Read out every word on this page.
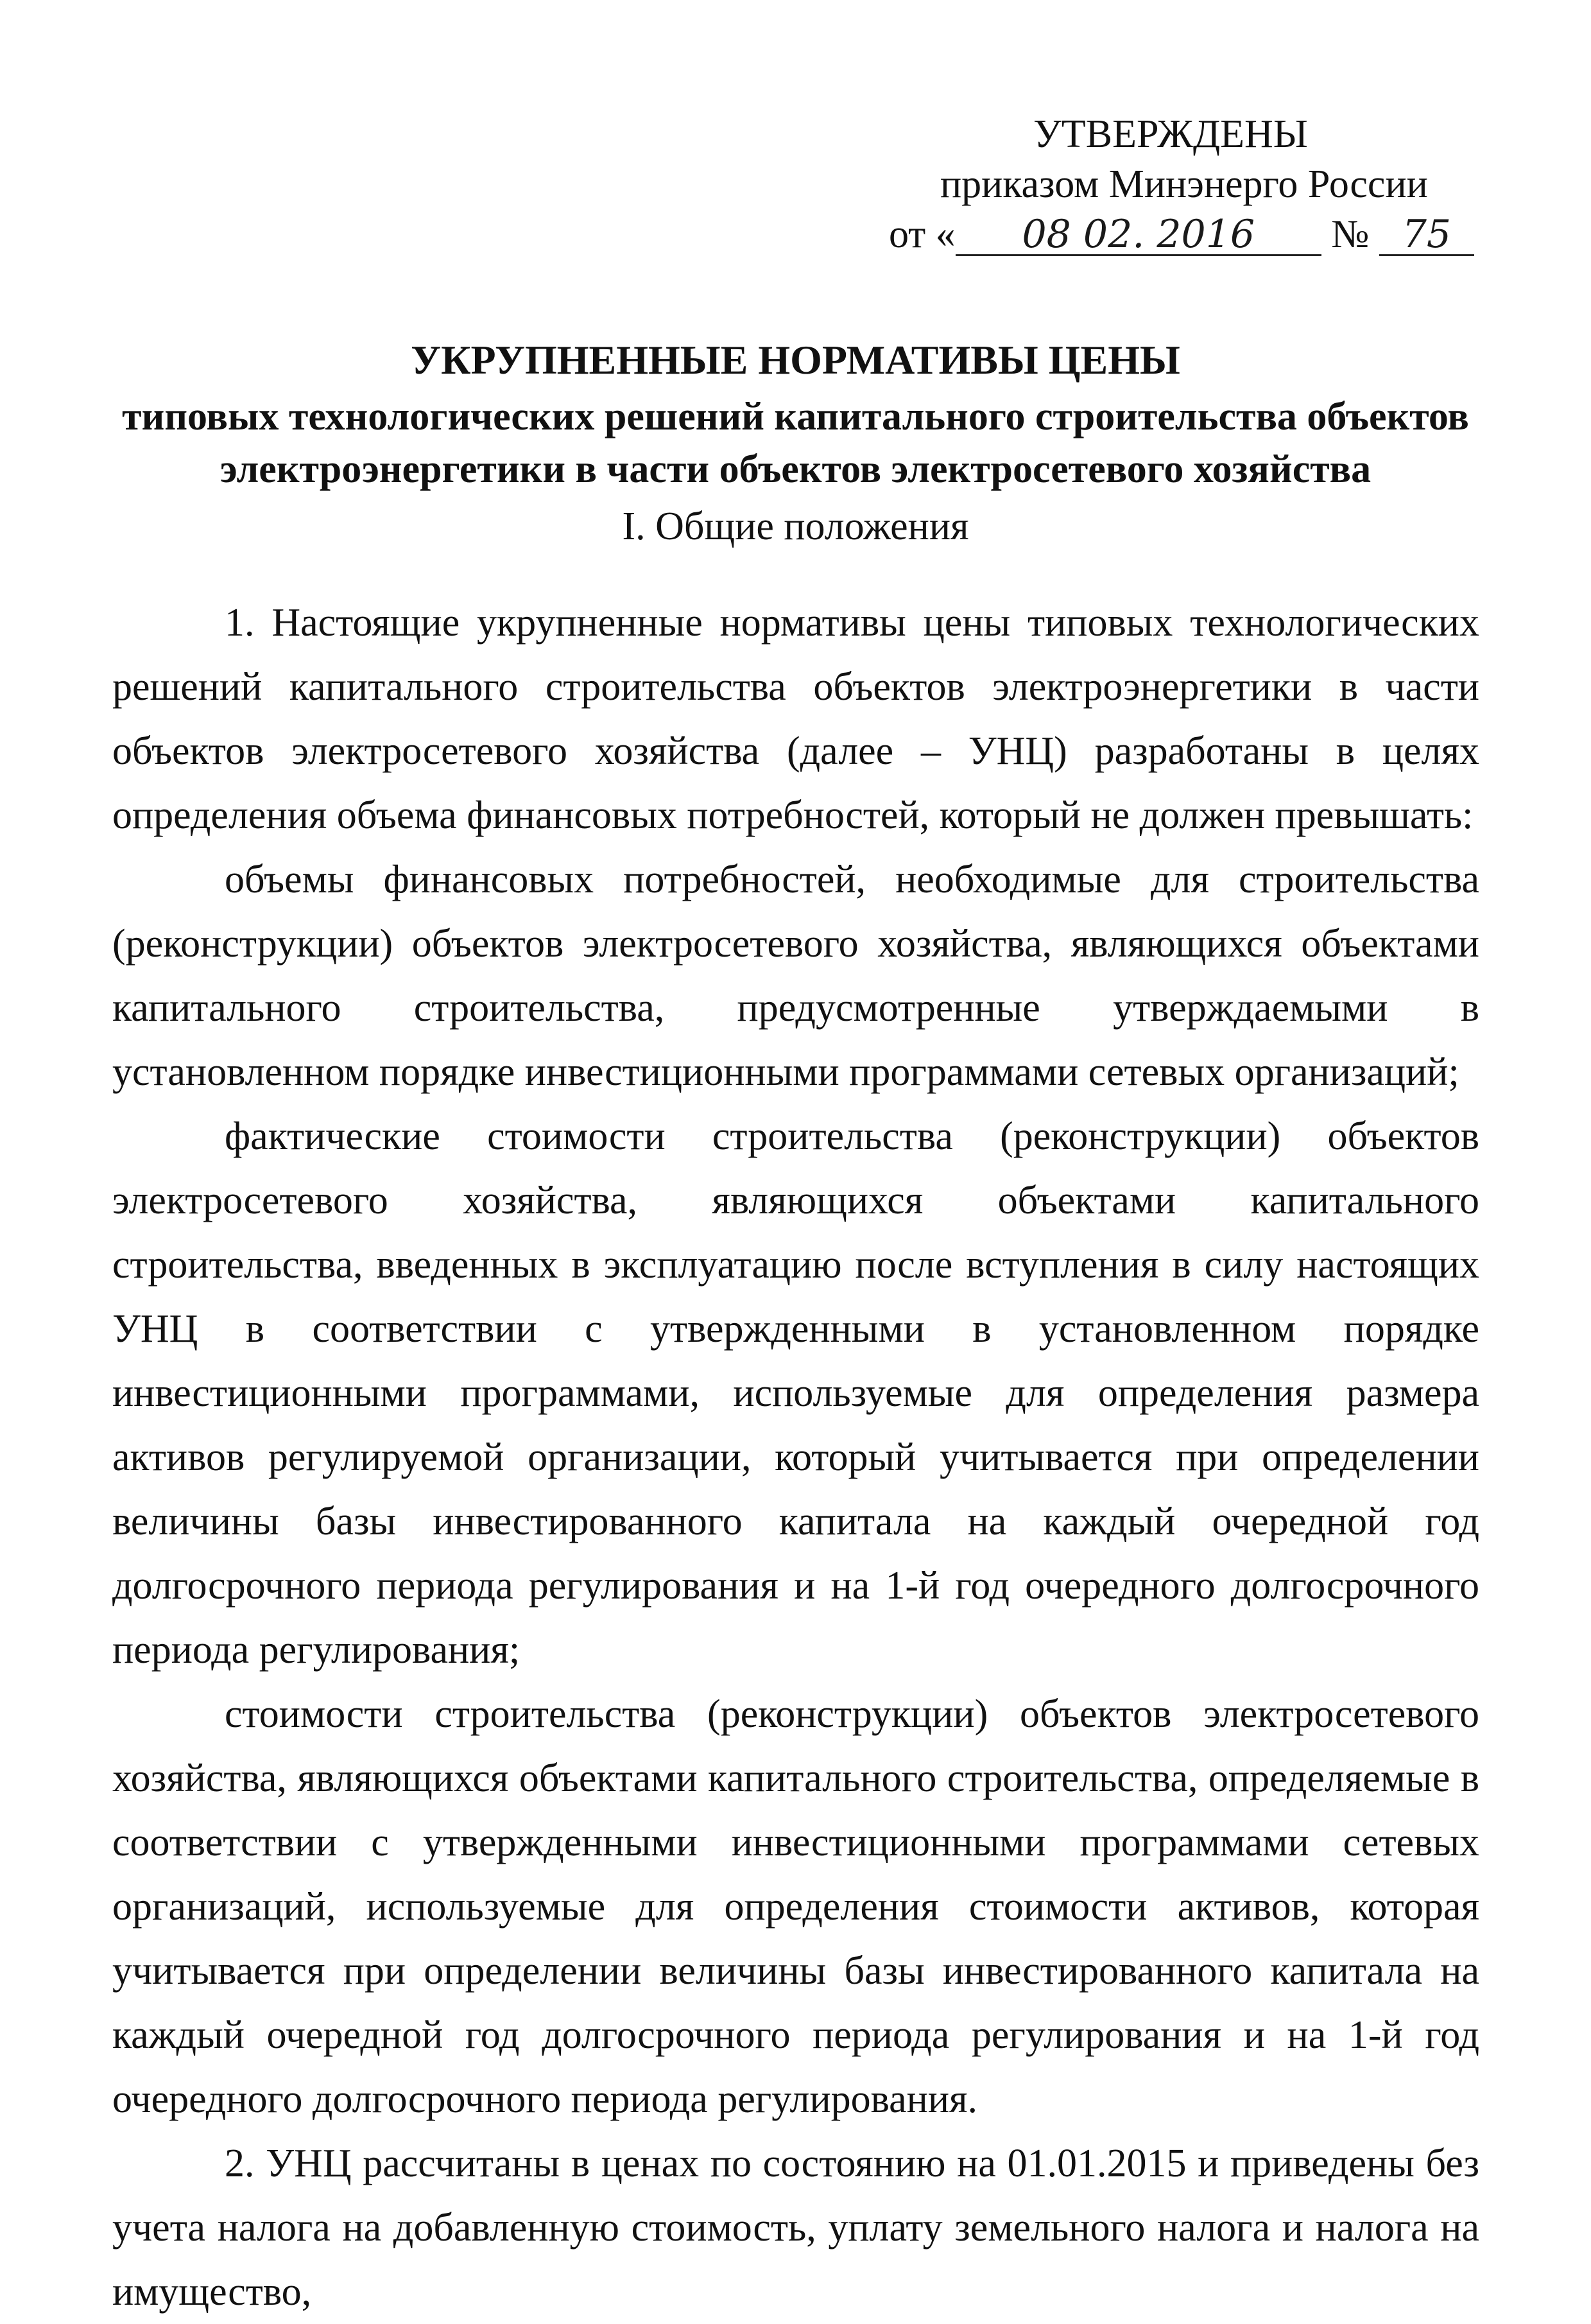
УТВЕРЖДЕНЫ
приказом Минэнерго России
от « 08 02. 2016 № 75
УКРУПНЕННЫЕ НОРМАТИВЫ ЦЕНЫ
типовых технологических решений капитального строительства объектов
электроэнергетики в части объектов электросетевого хозяйства
I. Общие положения

1. Настоящие укрупненные нормативы цены типовых технологических решений капитального строительства объектов электроэнергетики в части объектов электросетевого хозяйства (далее – УНЦ) разработаны в целях определения объема финансовых потребностей, который не должен превышать:

объемы финансовых потребностей, необходимые для строительства (реконструкции) объектов электросетевого хозяйства, являющихся объектами капитального строительства, предусмотренные утверждаемыми в установленном порядке инвестиционными программами сетевых организаций;

фактические стоимости строительства (реконструкции) объектов электросетевого хозяйства, являющихся объектами капитального строительства, введенных в эксплуатацию после вступления в силу настоящих УНЦ в соответствии с утвержденными в установленном порядке инвестиционными программами, используемые для определения размера активов регулируемой организации, который учитывается при определении величины базы инвестированного капитала на каждый очередной год долгосрочного периода регулирования и на 1-й год очередного долгосрочного периода регулирования;

стоимости строительства (реконструкции) объектов электросетевого хозяйства, являющихся объектами капитального строительства, определяемые в соответствии с утвержденными инвестиционными программами сетевых организаций, используемые для определения стоимости активов, которая учитывается при определении величины базы инвестированного капитала на каждый очередной год долгосрочного периода регулирования и на 1-й год очередного долгосрочного периода регулирования.

2. УНЦ рассчитаны в ценах по состоянию на 01.01.2015 и приведены без учета налога на добавленную стоимость, уплату земельного налога и налога на имущество,
